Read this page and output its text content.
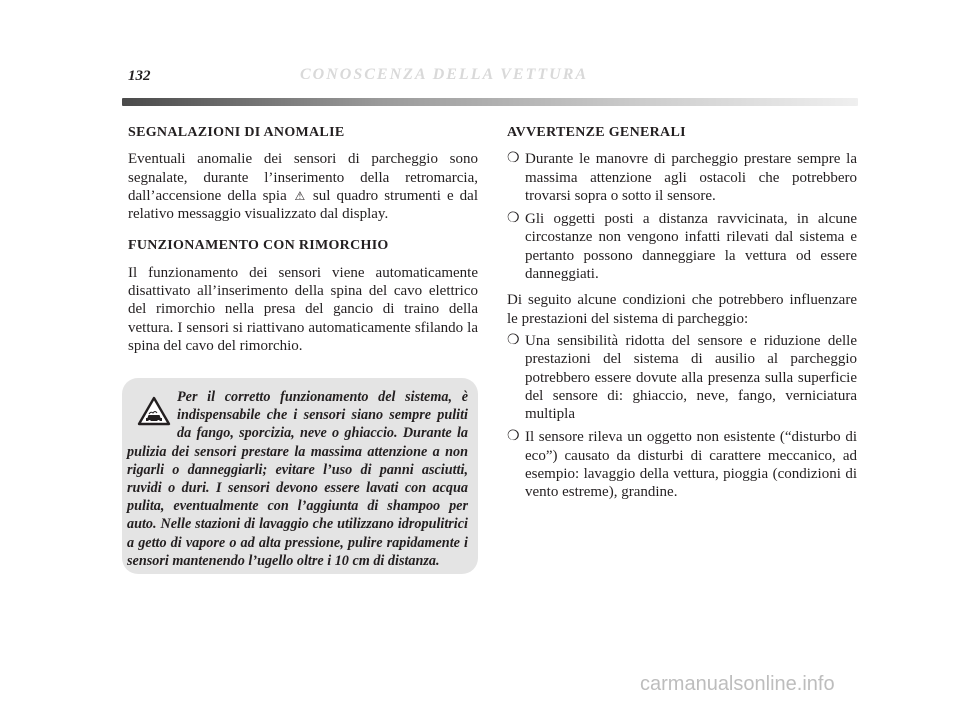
132	CONOSCENZA DELLA VETTURA
SEGNALAZIONI DI ANOMALIE

Eventuali anomalie dei sensori di parcheggio sono segnalate, durante l’inserimento della retromarcia, dall’accensione della spia ⚠ sul quadro strumenti e dal relativo messaggio visualizzato dal display.

FUNZIONAMENTO CON RIMORCHIO

Il funzionamento dei sensori viene automaticamente disattivato all’inserimento della spina del cavo elettrico del rimorchio nella presa del gancio di traino della vettura. I sensori si riattivano automaticamente sfilando la spina del cavo del rimorchio.

Per il corretto funzionamento del sistema, è indispensabile che i sensori siano sempre puliti da fango, sporcizia, neve o ghiaccio. Durante la pulizia dei sensori prestare la massima attenzione a non rigarli o danneggiarli; evitare l’uso di panni asciutti, ruvidi o duri. I sensori devono essere lavati con acqua pulita, eventualmente con l’aggiunta di shampoo per auto. Nelle stazioni di lavaggio che utilizzano idropulitrici a getto di vapore o ad alta pressione, pulire rapidamente i sensori mantenendo l’ugello oltre i 10 cm di distanza.
AVVERTENZE GENERALI
❍ Durante le manovre di parcheggio prestare sempre la massima attenzione agli ostacoli che potrebbero trovarsi sopra o sotto il sensore.
❍ Gli oggetti posti a distanza ravvicinata, in alcune circostanze non vengono infatti rilevati dal sistema e pertanto possono danneggiare la vettura od essere danneggiati.

Di seguito alcune condizioni che potrebbero influenzare le prestazioni del sistema di parcheggio:

❍ Una sensibilità ridotta del sensore e riduzione delle prestazioni del sistema di ausilio al parcheggio potrebbero essere dovute alla presenza sulla superficie del sensore di: ghiaccio, neve, fango, verniciatura multipla
❍ Il sensore rileva un oggetto non esistente (“disturbo di eco”) causato da disturbi di carattere meccanico, ad esempio: lavaggio della vettura, pioggia (condizioni di vento estreme), grandine.
carmanualsonline.info
